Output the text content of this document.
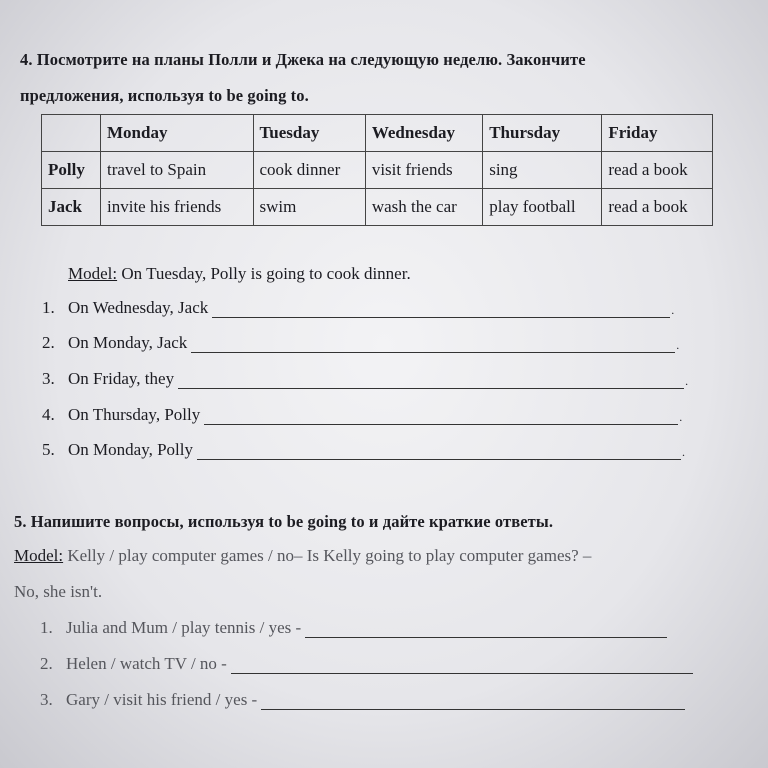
4. Посмотрите на планы Полли и Джека на следующую неделю. Закончите
предложения, используя to be going to.
	Monday	Tuesday	Wednesday	Thursday	Friday
Polly	travel to Spain	cook dinner	visit friends	sing	read a book
Jack	invite his friends	swim	wash the car	play football	read a book
Model: On Tuesday, Polly is going to cook dinner.
1. On Wednesday, Jack	.
2. On Monday, Jack	.
3. On Friday, they	.
4. On Thursday, Polly	.
5. On Monday, Polly	.
5. Напишите вопросы, используя to be going to и дайте краткие ответы.
Model: Kelly / play computer games / no– Is Kelly going to play computer games? –
No, she isn't.
1. Julia and Mum / play tennis / yes -
2. Helen / watch TV / no -
3. Gary / visit his friend / yes -
